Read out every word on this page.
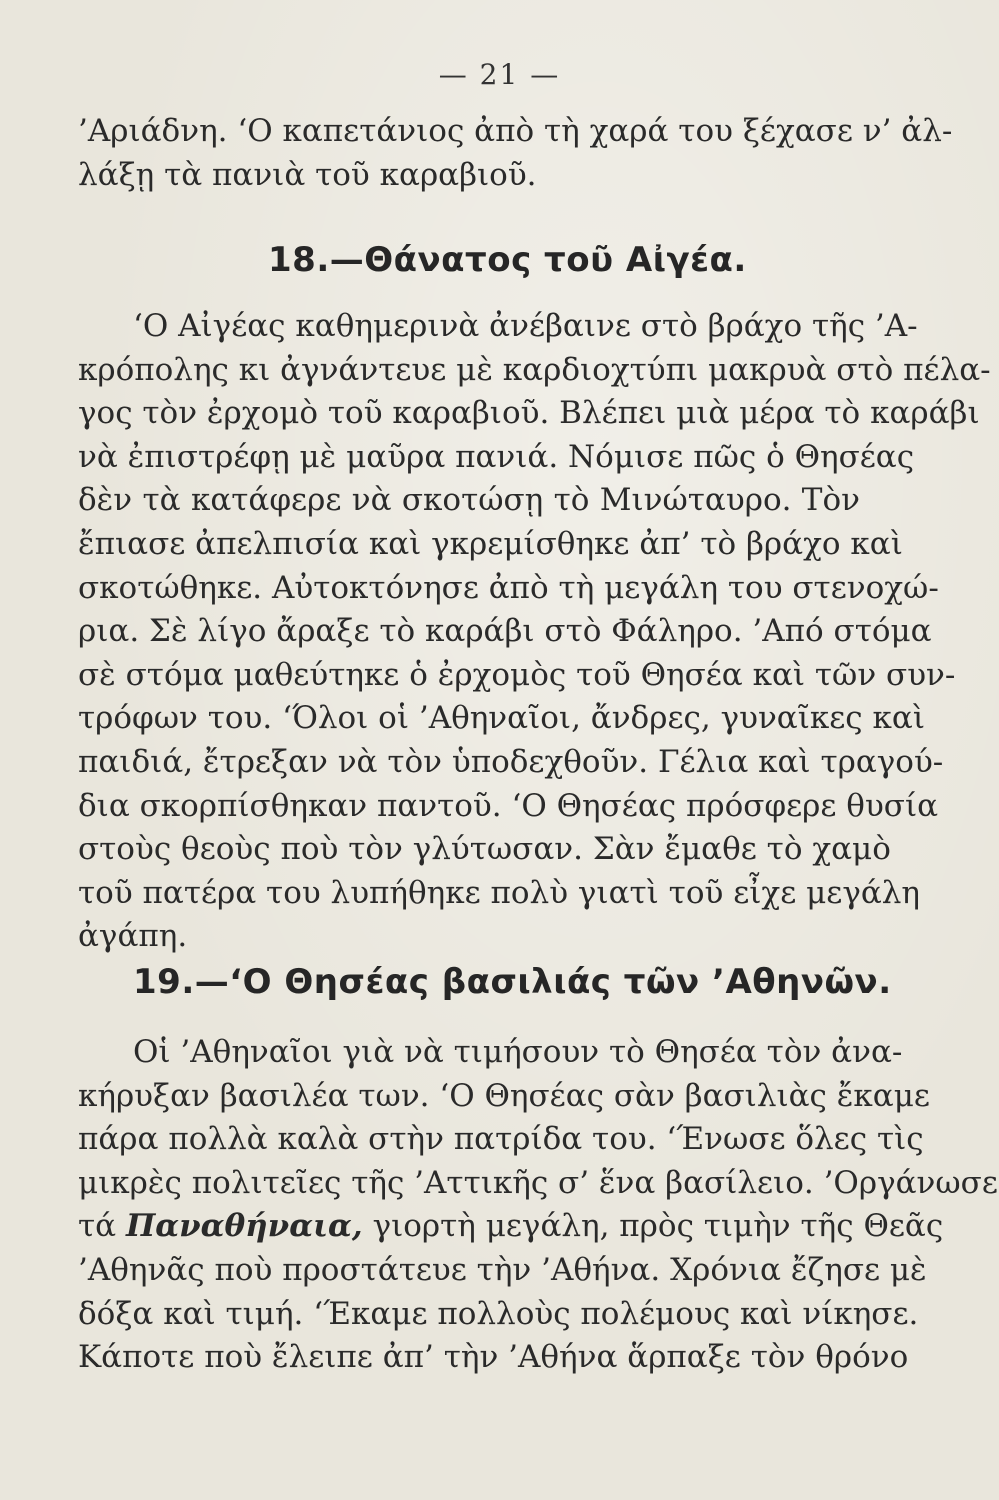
— 21 —
’Αριάδνη. ‘Ο καπετάνιος ἀπὸ τὴ χαρά του ξέχασε ν’ ἀλ-
λάξῃ τὰ πανιὰ τοῦ καραβιοῦ.
18.—Θάνατος τοῦ Αἰγέα.
‘Ο Αἰγέας καθημερινὰ ἀνέβαινε στὸ βράχο τῆς ’Α-
κρόπολης κι ἀγνάντευε μὲ καρδιοχτύπι μακρυὰ στὸ πέλα-
γος τὸν ἐρχομὸ τοῦ καραβιοῦ. Βλέπει μιὰ μέρα τὸ καράβι
νὰ ἐπιστρέφῃ μὲ μαῦρα πανιά. Νόμισε πῶς ὁ Θησέας
δὲν τὰ κατάφερε νὰ σκοτώσῃ τὸ Μινώταυρο. Τὸν
ἔπιασε ἀπελπισία καὶ γκρεμίσθηκε ἀπ’ τὸ βράχο καὶ
σκοτώθηκε. Αὐτοκτόνησε ἀπὸ τὴ μεγάλη του στενοχώ-
ρια. Σὲ λίγο ἄραξε τὸ καράβι στὸ Φάληρο. ’Από στόμα
σὲ στόμα μαθεύτηκε ὁ ἐρχομὸς τοῦ Θησέα καὶ τῶν συν-
τρόφων του. ‘Όλοι οἱ ’Αθηναῖοι, ἄνδρες, γυναῖκες καὶ
παιδιά, ἔτρεξαν νὰ τὸν ὑποδεχθοῦν. Γέλια καὶ τραγού-
δια σκορπίσθηκαν παντοῦ. ‘Ο Θησέας πρόσφερε θυσία
στοὺς θεοὺς ποὺ τὸν γλύτωσαν. Σὰν ἔμαθε τὸ χαμὸ
τοῦ πατέρα του λυπήθηκε πολὺ γιατὶ τοῦ εἶχε μεγάλη
ἀγάπη.
19.—‘Ο Θησέας βασιλιάς τῶν ’Αθηνῶν.
Οἱ ’Αθηναῖοι γιὰ νὰ τιμήσουν τὸ Θησέα τὸν ἀνα-
κήρυξαν βασιλέα των. ‘Ο Θησέας σὰν βασιλιὰς ἔκαμε
πάρα πολλὰ καλὰ στὴν πατρίδα του. ‘Ένωσε ὅλες τὶς
μικρὲς πολιτεῖες τῆς ’Αττικῆς σ’ ἕνα βασίλειο. ’Οργάνωσε
τά Παναθήναια, γιορτὴ μεγάλη, πρὸς τιμὴν τῆς Θεᾶς
’Αθηνᾶς ποὺ προστάτευε τὴν ’Αθήνα. Χρόνια ἔζησε μὲ
δόξα καὶ τιμή. ‘Έκαμε πολλοὺς πολέμους καὶ νίκησε.
Κάποτε ποὺ ἔλειπε ἀπ’ τὴν ’Αθήνα ἅρπαξε τὸν θρόνο
